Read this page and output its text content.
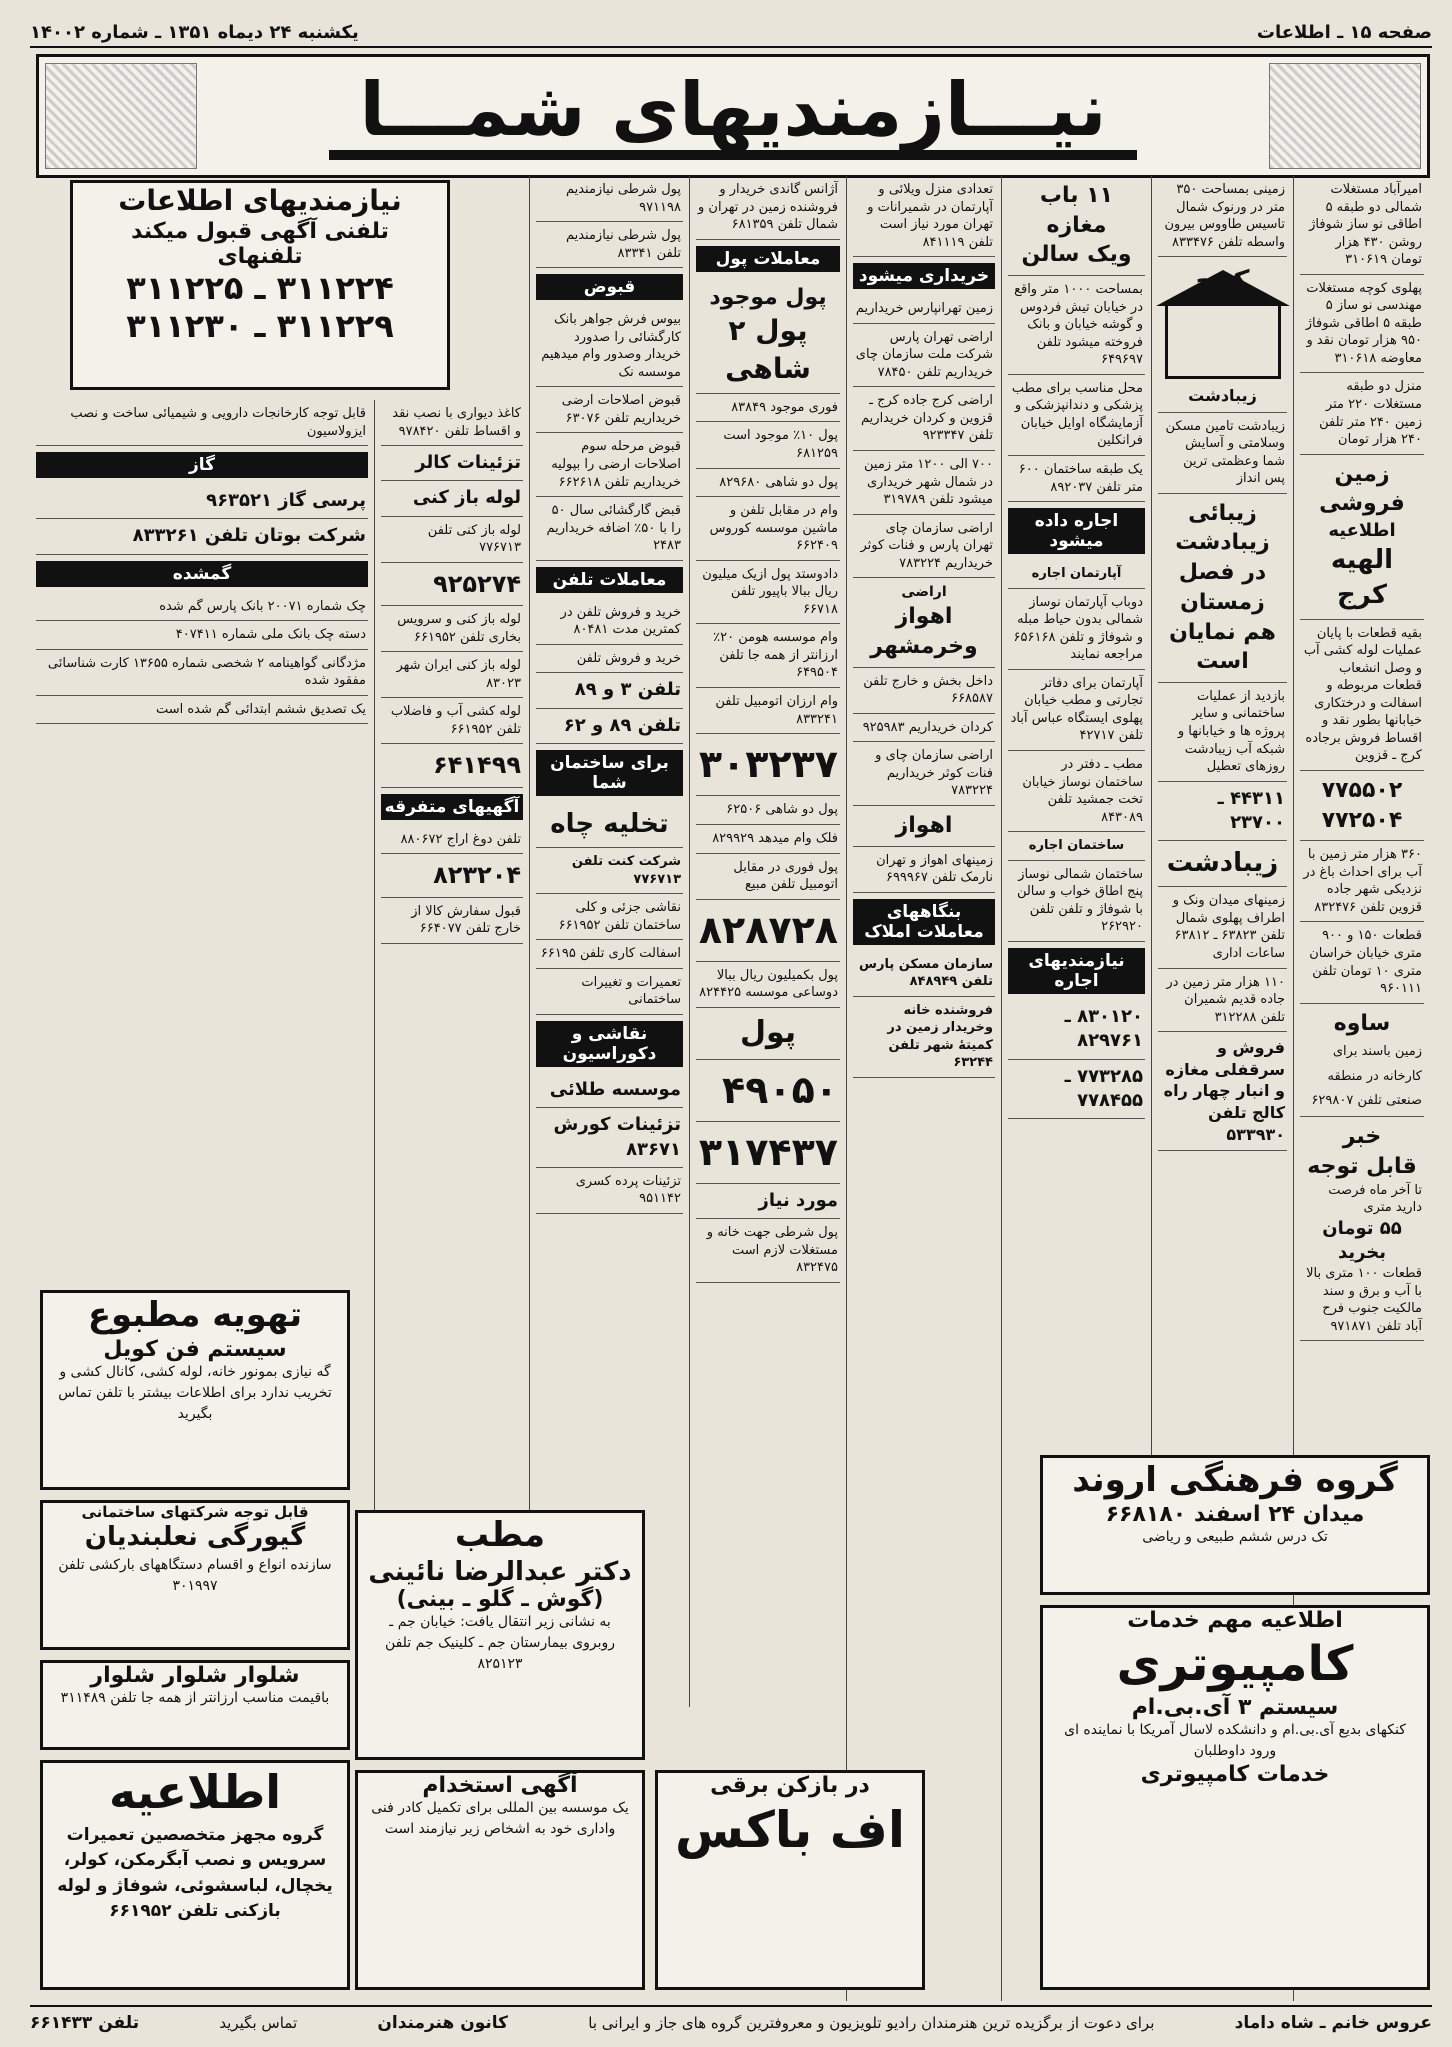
صفحه ۱۵ ـ اطلاعات
یکشنبه ۲۴ دیماه ۱۳۵۱ ـ شماره ۱۴۰۰۲
نیـــازمندیهای شمـــا
امیرآباد مستغلات شمالی دو طبقه ۵ اطاقی نو ساز شوفاژ روشن ۴۳۰ هزار تومان ۳۱۰۶۱۹
پهلوی کوچه مستغلات مهندسی نو ساز ۵ طبقه ۵ اطاقی شوفاژ ۹۵۰ هزار تومان نقد و معاوضه ۳۱۰۶۱۸
منزل دو طبقه مستغلات ۲۲۰ متر زمین ۲۴۰ متر تلفن ۲۴۰ هزار تومان
زمین فروشی
اطلاعیه
الهیه کرج
بقیه قطعات با پایان عملیات لوله کشی آب و وصل انشعاب قطعات مربوطه و اسفالت و درختکاری خیابانها بطور نقد و اقساط فروش برجاده کرج ـ قزوین
۷۷۵۵۰۲
۷۷۲۵۰۴
۳۶۰ هزار متر زمین با آب برای احداث باغ در نزدیکی شهر جاده قزوین تلفن ۸۳۲۴۷۶
قطعات ۱۵۰ و ۹۰۰ متری خیابان خراسان متری ۱۰ تومان تلفن ۹۶۰۱۱۱
ساوه
زمین باسند برای کارخانه در منطقه صنعتی تلفن ۶۲۹۸۰۷
خبر
قابل توجه
تا آخر ماه فرصت دارید متری
۵۵ تومان بخرید
قطعات ۱۰۰ متری بالا با آب و برق و سند مالکیت جنوب فرح آباد تلفن ۹۷۱۸۷۱
زمینی بمساحت ۳۵۰ متر در ورنوک شمال تاسیس طاووس بیرون واسطه تلفن ۸۳۳۴۷۶
کرج
زیبادشت
زیبادشت تامین مسکن وسلامتی و آسایش شما وعظمتی ترین پس انداز
زیبائی زیبادشت
در فصل زمستان
هم نمایان است
بازدید از عملیات ساختمانی و سایر پروژه ها و خیابانها و شبکه آب زیبادشت روزهای تعطیل
۴۴۳۱۱ ـ ۲۳۷۰۰
زیبادشت
زمینهای میدان ونک و اطراف پهلوی شمال تلفن ۶۳۸۲۳ ـ ۶۳۸۱۲ ساعات اداری
۱۱۰ هزار متر زمین در جاده قدیم شمیران تلفن ۳۱۲۲۸۸
فروش و سرقفلی مغازه و انبار چهار راه کالج تلفن ۵۳۳۹۳۰
۱۱ باب مغازه
ویک سالن
بمساحت ۱۰۰۰ متر واقع در خیابان تیش فردوس و گوشه خیابان و بانک فروخته میشود تلفن ۶۴۹۶۹۷
محل مناسب برای مطب پزشکی و دندانپزشکی و آزمایشگاه اوایل خیابان فرانکلین
یک طبقه ساختمان ۶۰۰ متر تلفن ۸۹۲۰۳۷
اجاره داده میشود
آپارتمان اجاره
دوباب آپارتمان نوساز شمالی بدون حیاط مبله و شوفاژ و تلفن ۶۵۶۱۶۸ مراجعه نمایند
آپارتمان برای دفاتر تجارتی و مطب خیابان پهلوی ایستگاه عباس آباد تلفن ۴۲۷۱۷
مطب ـ دفتر در ساختمان نوساز خیابان تخت جمشید تلفن ۸۴۳۰۸۹
ساختمان اجاره
ساختمان شمالی نوساز پنج اطاق خواب و سالن با شوفاژ و تلفن تلفن ۲۶۲۹۲۰
نیازمندیهای اجاره
۸۳۰۱۲۰ ـ ۸۲۹۷۶۱
۷۷۳۲۸۵ ـ ۷۷۸۴۵۵
تعدادی منزل ویلائی و آپارتمان در شمیرانات و تهران مورد نیاز است تلفن ۸۴۱۱۱۹
خریداری میشود
زمین تهرانپارس خریداریم
اراضی تهران پارس شرکت ملت سازمان چای خریداریم تلفن ۷۸۴۵۰
اراضی کرج جاده کرج ـ قزوین و کردان خریداریم تلفن ۹۲۳۳۴۷
۷۰۰ الی ۱۲۰۰ متر زمین در شمال شهر خریداری میشود تلفن ۳۱۹۷۸۹
اراضی سازمان چای تهران پارس و فنات کوثر خریداریم ۷۸۳۲۲۴
اراضی
اهواز
وخرمشهر
داخل بخش و خارج تلفن ۶۶۸۵۸۷
کردان خریداریم ۹۲۵۹۸۳
اراضی سازمان چای و فنات کوثر خریداریم ۷۸۳۲۲۴
اهواز
زمینهای اهواز و تهران نارمک تلفن ۶۹۹۹۶۷
بنگاههای معاملات املاک
سازمان مسکن پارس تلفن ۸۴۸۹۴۹
فروشنده خانه وخریدار زمین در کمیتۀ شهر تلفن ۶۳۲۴۴
آژانس گاندی خریدار و فروشنده زمین در تهران و شمال تلفن ۶۸۱۳۵۹
معاملات پول
پول موجود
پول ۲ شاهی
فوری موجود ۸۳۸۴۹
پول ۱۰٪ موجود است ۶۸۱۲۵۹
پول دو شاهی ۸۲۹۶۸۰
وام در مقابل تلفن و ماشین موسسه کوروس ۶۶۲۴۰۹
دادوستد پول ازیک میلیون ریال ببالا باپیور تلفن ۶۶۷۱۸
وام موسسه هومن ۲۰٪ ارزانتر از همه جا تلفن ۶۴۹۵۰۴
وام ارزان اتومبیل تلفن ۸۳۳۲۴۱
۳۰۳۲۳۷
پول دو شاهی ۶۲۵۰۶
فلک وام میدهد ۸۲۹۹۲۹
پول فوری در مقابل اتومبیل تلفن مبیع
۸۲۸۷۲۸
پول بکمیلیون ریال ببالا دوساعی موسسه ۸۲۴۴۲۵
پول
۴۹۰۵۰
۳۱۷۴۳۷
مورد نیاز
پول شرطی جهت خانه و مستغلات لازم است ۸۳۲۴۷۵
پول شرطی نیازمندیم ۹۷۱۱۹۸
پول شرطی نیازمندیم تلفن ۸۳۳۴۱
قبوض
بیوس فرش جواهر بانک کارگشائی را صدورد خریدار وصدور وام میدهیم موسسه نک
قبوض اصلاحات ارضی خریداریم تلفن ۶۳۰۷۶
قبوض مرحله سوم اصلاحات ارضی را بپولیه خریداریم تلفن ۶۶۲۶۱۸
قبض گارگشائی سال ۵۰ را با ۵۰٪ اضافه خریداریم ۲۴۸۳
معاملات تلفن
خرید و فروش تلفن در کمترین مدت ۸۰۴۸۱
خرید و فروش تلفن
تلفن ۳ و ۸۹
تلفن ۸۹ و ۶۲
برای ساختمان شما
تخلیه چاه
شرکت کنت تلفن ۷۷۶۷۱۳
نقاشی جزئی و کلی ساختمان تلفن ۶۶۱۹۵۲
اسفالت کاری تلفن ۶۶۱۹۵
تعمیرات و تغییرات ساختمانی
نقاشی و دکوراسیون
موسسه طلائی
تزئینات کورش ۸۳۶۷۱
تزئینات پرده کسری ۹۵۱۱۴۲
کاغذ دیواری با نصب نقد و اقساط تلفن ۹۷۸۴۲۰
تزئینات کالر
لوله باز کنی
لوله باز کنی تلفن ۷۷۶۷۱۳
۹۲۵۲۷۴
لوله باز کنی و سرویس بخاری تلفن ۶۶۱۹۵۲
لوله باز کنی ایران شهر ۸۳۰۲۳
لوله کشی آب و فاضلاب تلفن ۶۶۱۹۵۲
۶۴۱۴۹۹
آگهیهای متفرقه
تلفن دوغ اراج ۸۸۰۶۷۲
۸۲۳۲۰۴
قبول سفارش کالا از خارج تلفن ۶۶۴۰۷۷
قابل توجه کارخانجات دارویی و شیمیائی ساخت و نصب ایزولاسیون
گاز
پرسی گاز ۹۶۳۵۲۱
شرکت بوتان تلفن ۸۳۳۲۶۱
گمشده
چک شماره ۲۰۰۷۱ بانک پارس گم شده
دسته چک بانک ملی شماره ۴۰۷۴۱۱
مژدگانی گواهینامه ۲ شخصی شماره ۱۳۶۵۵ کارت شناسائی مفقود شده
یک تصدیق ششم ابتدائی گم شده است
نیازمندیهای اطلاعات
تلفنی آگهی قبول میکند
تلفنهای
۳۱۱۲۲۴ ـ ۳۱۱۲۲۵
۳۱۱۲۲۹ ـ ۳۱۱۲۳۰
تهویه مطبوع
سیستم فن کویل
گه نیازی بمونور خانه، لوله کشی، کانال کشی و تخریب ندارد برای اطلاعات بیشتر با تلفن تماس بگیرید
قابل توجه شرکتهای ساختمانی
گیورگی نعلبندیان
سازنده انواع و اقسام دستگاههای بارکشی تلفن ۳۰۱۹۹۷
شلوار شلوار شلوار
باقیمت مناسب ارزانتر از همه جا تلفن ۳۱۱۴۸۹
اطلاعیه
گروه مجهز متخصصین تعمیرات سرویس و نصب آبگرمکن، کولر، یخچال، لباسشوئی، شوفاژ و لوله بازکنی تلفن ۶۶۱۹۵۲
مطب
دکتر عبدالرضا نائینی
(گوش ـ گلو ـ بینی)
به نشانی زیر انتقال یافت: خیابان جم ـ روبروی بیمارستان جم ـ کلینیک جم تلفن ۸۲۵۱۲۳
آگهی استخدام
یک موسسه بین المللی برای تکمیل کادر فنی واداری خود به اشخاص زیر نیازمند است
در بازکن برقی
اف باکس
گروه فرهنگی اروند
میدان ۲۴ اسفند ۶۶۸۱۸۰
تک درس ششم طبیعی و ریاضی
اطلاعیه مهم خدمات
کامپیوتری
سیستم ۳ آی.بی.ام
کنکهای بدیع آی.بی.ام و دانشکده لاسال آمریکا با نماینده ای ورود داوطلبان
خدمات کامپیوتری
عروس خانم ـ شاه داماد
برای دعوت از برگزیده ترین هنرمندان رادیو تلویزیون و معروفترین گروه های جاز و ایرانی با
کانون هنرمندان
تماس بگیرید
تلفن ۶۶۱۴۳۳
